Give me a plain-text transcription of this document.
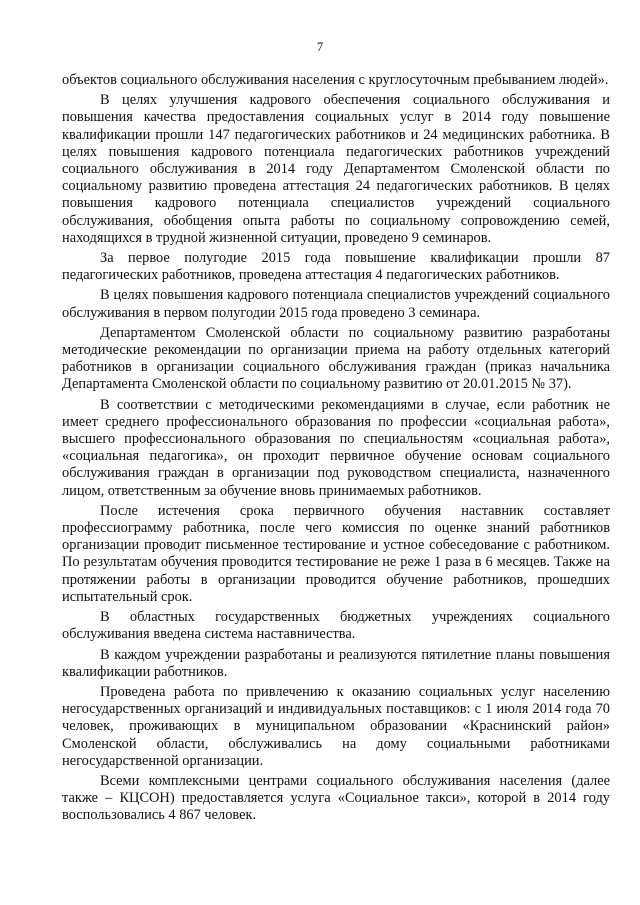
7

объектов социального обслуживания населения с круглосуточным пребыванием людей».

В целях улучшения кадрового обеспечения социального обслуживания и повышения качества предоставления социальных услуг в 2014 году повышение квалификации прошли 147 педагогических работников и 24 медицинских работника. В целях повышения кадрового потенциала педагогических работников учреждений социального обслуживания в 2014 году Департаментом Смоленской области по социальному развитию проведена аттестация 24 педагогических работников. В целях повышения кадрового потенциала специалистов учреждений социального обслуживания, обобщения опыта работы по социальному сопровождению семей, находящихся в трудной жизненной ситуации, проведено 9 семинаров.

За первое полугодие 2015 года повышение квалификации прошли 87 педагогических работников, проведена аттестация 4 педагогических работников.

В целях повышения кадрового потенциала специалистов учреждений социального обслуживания в первом полугодии 2015 года проведено 3 семинара.

Департаментом Смоленской области по социальному развитию разработаны методические рекомендации по организации приема на работу отдельных категорий работников в организации социального обслуживания граждан (приказ начальника Департамента Смоленской области по социальному развитию от 20.01.2015 № 37).

В соответствии с методическими рекомендациями в случае, если работник не имеет среднего профессионального образования по профессии «социальная работа», высшего профессионального образования по специальностям «социальная работа», «социальная педагогика», он проходит первичное обучение основам социального обслуживания граждан в организации под руководством специалиста, назначенного лицом, ответственным за обучение вновь принимаемых работников.

После истечения срока первичного обучения наставник составляет профессиограмму работника, после чего комиссия по оценке знаний работников организации проводит письменное тестирование и устное собеседование с работником. По результатам обучения проводится тестирование не реже 1 раза в 6 месяцев. Также на протяжении работы в организации проводится обучение работников, прошедших испытательный срок.

В областных государственных бюджетных учреждениях социального обслуживания введена система наставничества.

В каждом учреждении разработаны и реализуются пятилетние планы повышения квалификации работников.

Проведена работа по привлечению к оказанию социальных услуг населению негосударственных организаций и индивидуальных поставщиков: с 1 июля 2014 года 70 человек, проживающих в муниципальном образовании «Краснинский район» Смоленской области, обслуживались на дому социальными работниками негосударственной организации.

Всеми комплексными центрами социального обслуживания населения (далее также – КЦСОН) предоставляется услуга «Социальное такси», которой в 2014 году воспользовались 4 867 человек.
